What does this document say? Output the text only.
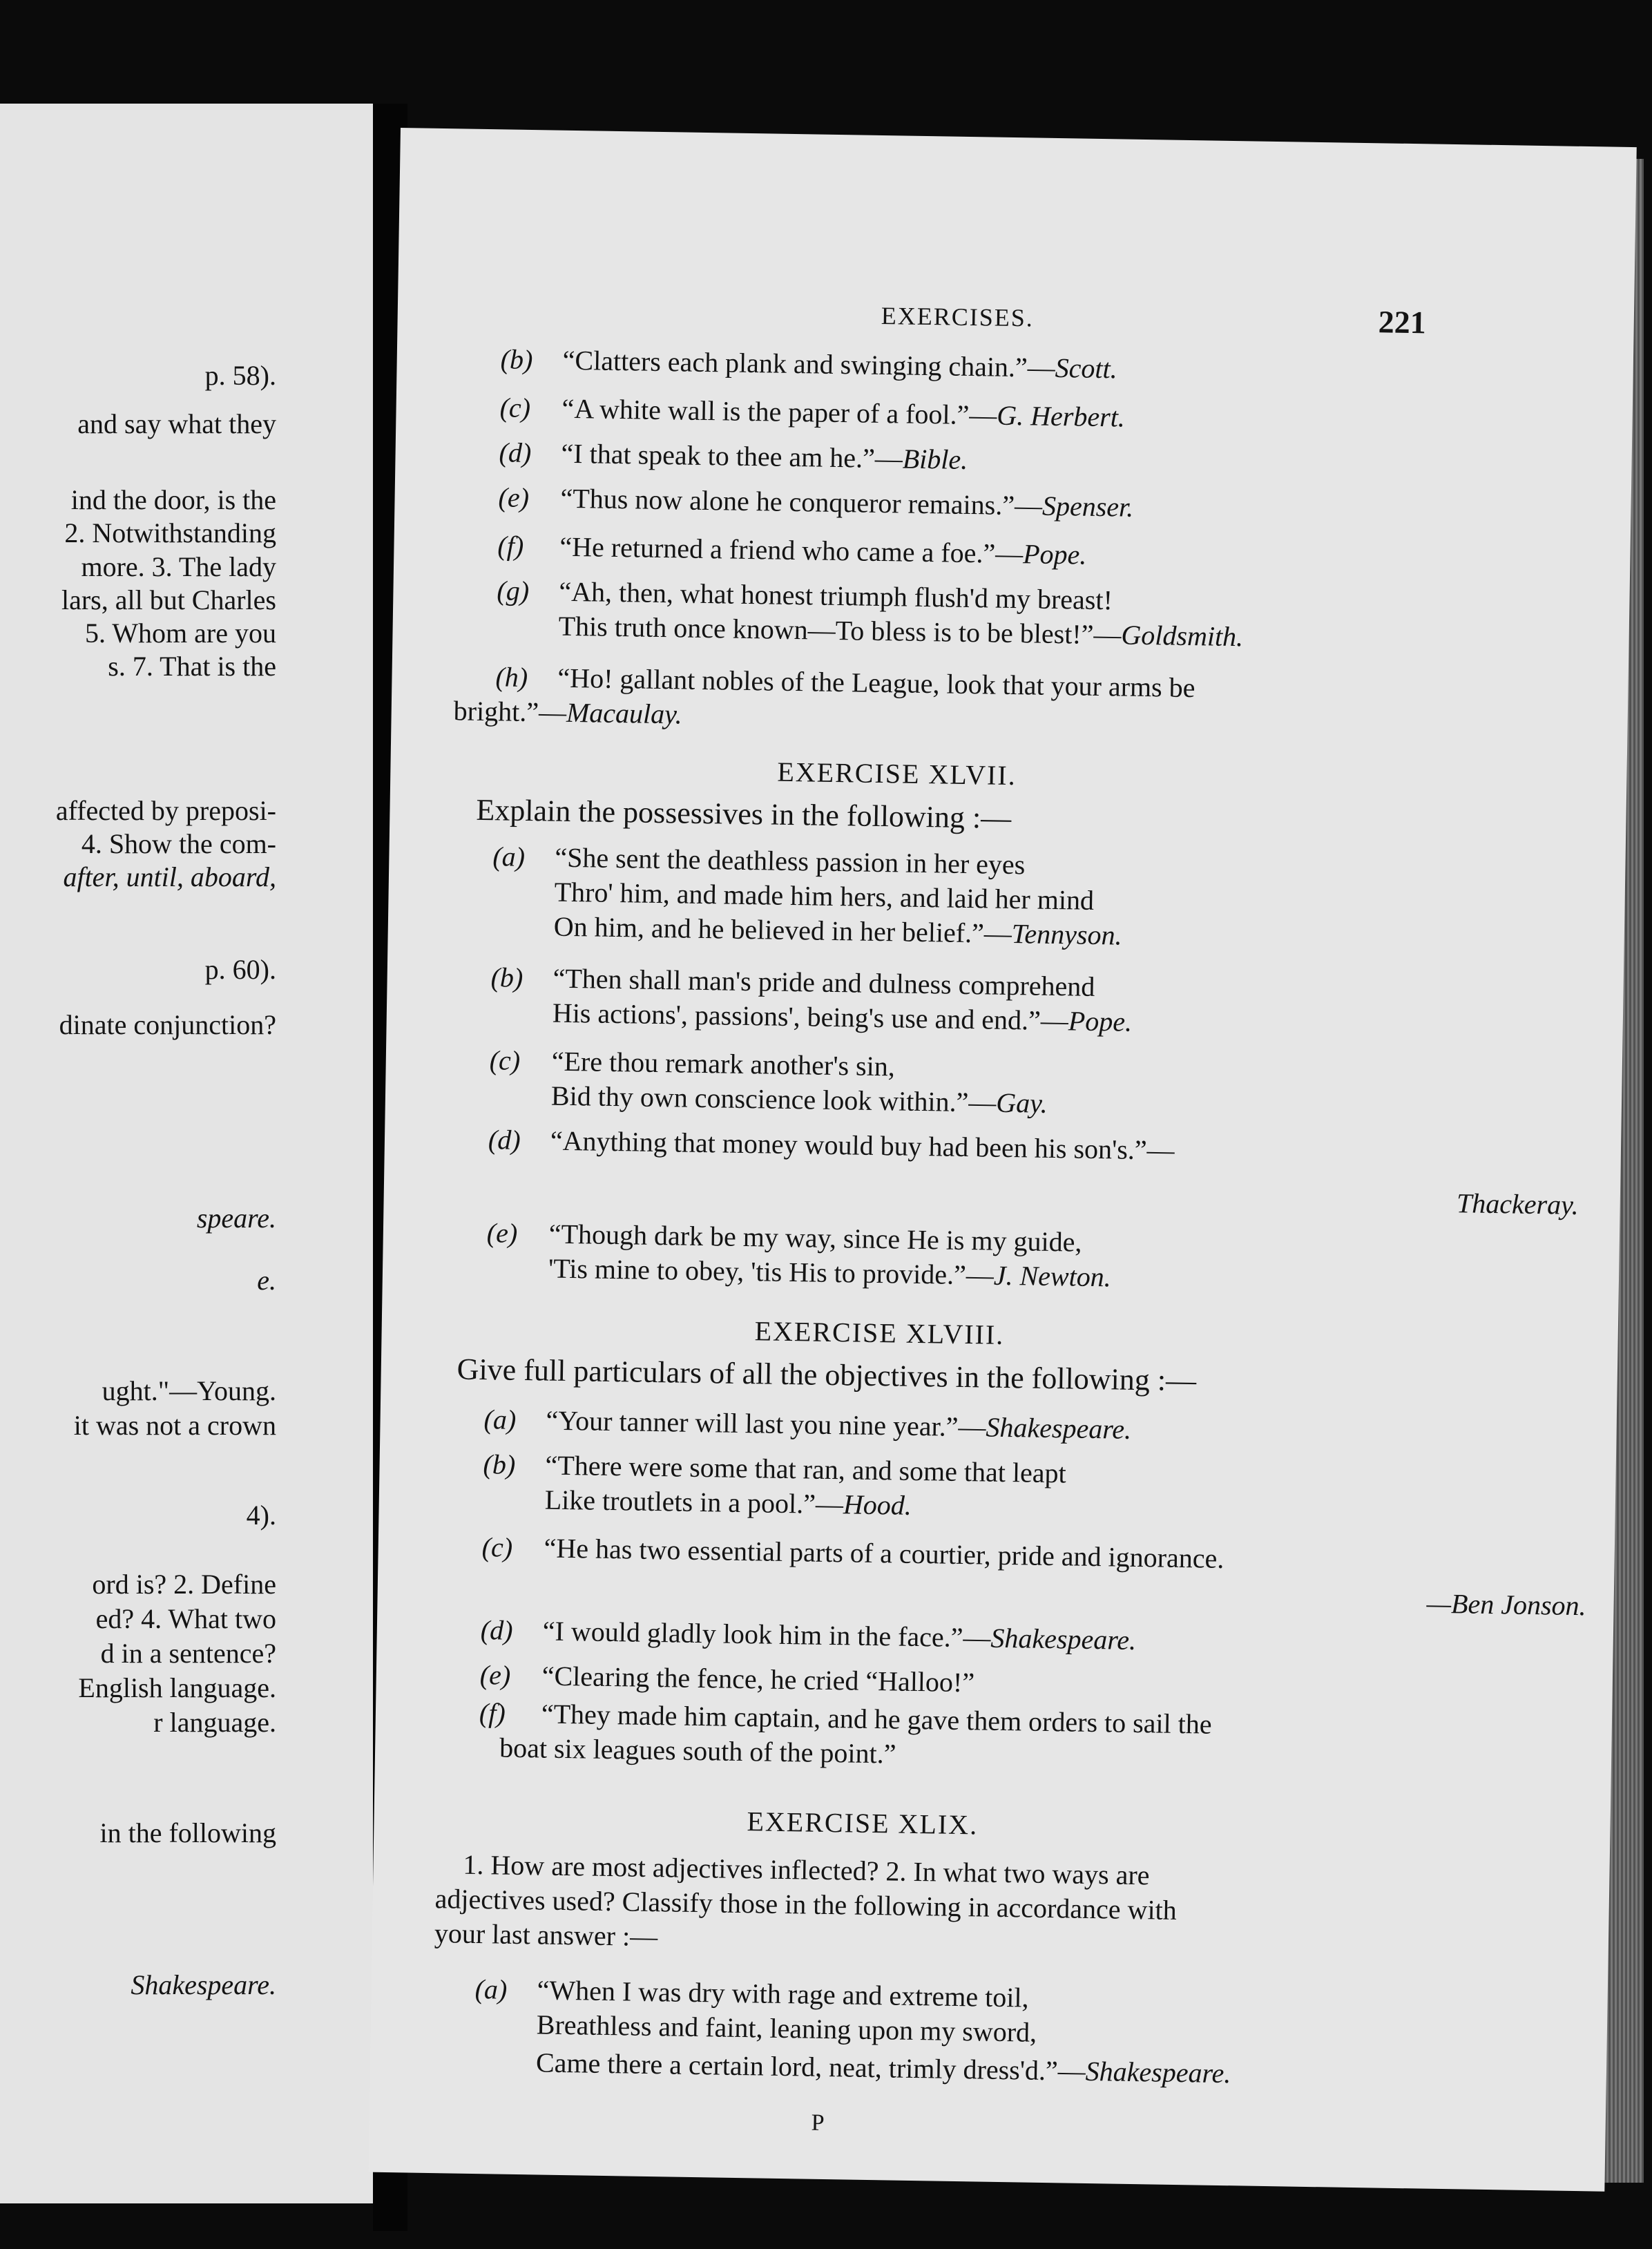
p. 58).
and say what they
ind the door, is the
2. Notwithstanding
more. 3. The lady
lars, all but Charles
5. Whom are you
s. 7. That is the
affected by preposi-
4. Show the com-
after, until, aboard,
p. 60).
dinate conjunction?
speare.
e.
ught."—Young.
it was not a crown
4).
ord is? 2. Define
ed? 4. What two
d in a sentence?
English language.
r language.
in the following
Shakespeare.
EXERCISES.	221
(b) “Clatters each plank and swinging chain.”—Scott.
(c) “A white wall is the paper of a fool.”—G. Herbert.
(d) “I that speak to thee am he.”—Bible.
(e) “Thus now alone he conqueror remains.”—Spenser.
(f) “He returned a friend who came a foe.”—Pope.
(g) “Ah, then, what honest triumph flush'd my breast!
This truth once known—To bless is to be blest!”—Goldsmith.
(h) “Ho! gallant nobles of the League, look that your arms be
bright.”—Macaulay.
EXERCISE XLVII.
Explain the possessives in the following :—
(a) “She sent the deathless passion in her eyes
Thro' him, and made him hers, and laid her mind
On him, and he believed in her belief.”—Tennyson.
(b) “Then shall man's pride and dulness comprehend
His actions', passions', being's use and end.”—Pope.
(c) “Ere thou remark another's sin,
Bid thy own conscience look within.”—Gay.
(d) “Anything that money would buy had been his son's.”—
Thackeray.
(e) “Though dark be my way, since He is my guide,
'Tis mine to obey, 'tis His to provide.”—J. Newton.
EXERCISE XLVIII.
Give full particulars of all the objectives in the following :—
(a) “Your tanner will last you nine year.”—Shakespeare.
(b) “There were some that ran, and some that leapt
Like troutlets in a pool.”—Hood.
(c) “He has two essential parts of a courtier, pride and ignorance.
—Ben Jonson.
(d) “I would gladly look him in the face.”—Shakespeare.
(e) “Clearing the fence, he cried “Halloo!”
(f) “They made him captain, and he gave them orders to sail the
boat six leagues south of the point.”
EXERCISE XLIX.
1. How are most adjectives inflected? 2. In what two ways are
adjectives used? Classify those in the following in accordance with
your last answer :—
(a) “When I was dry with rage and extreme toil,
Breathless and faint, leaning upon my sword,
Came there a certain lord, neat, trimly dress'd.”—Shakespeare.
P
